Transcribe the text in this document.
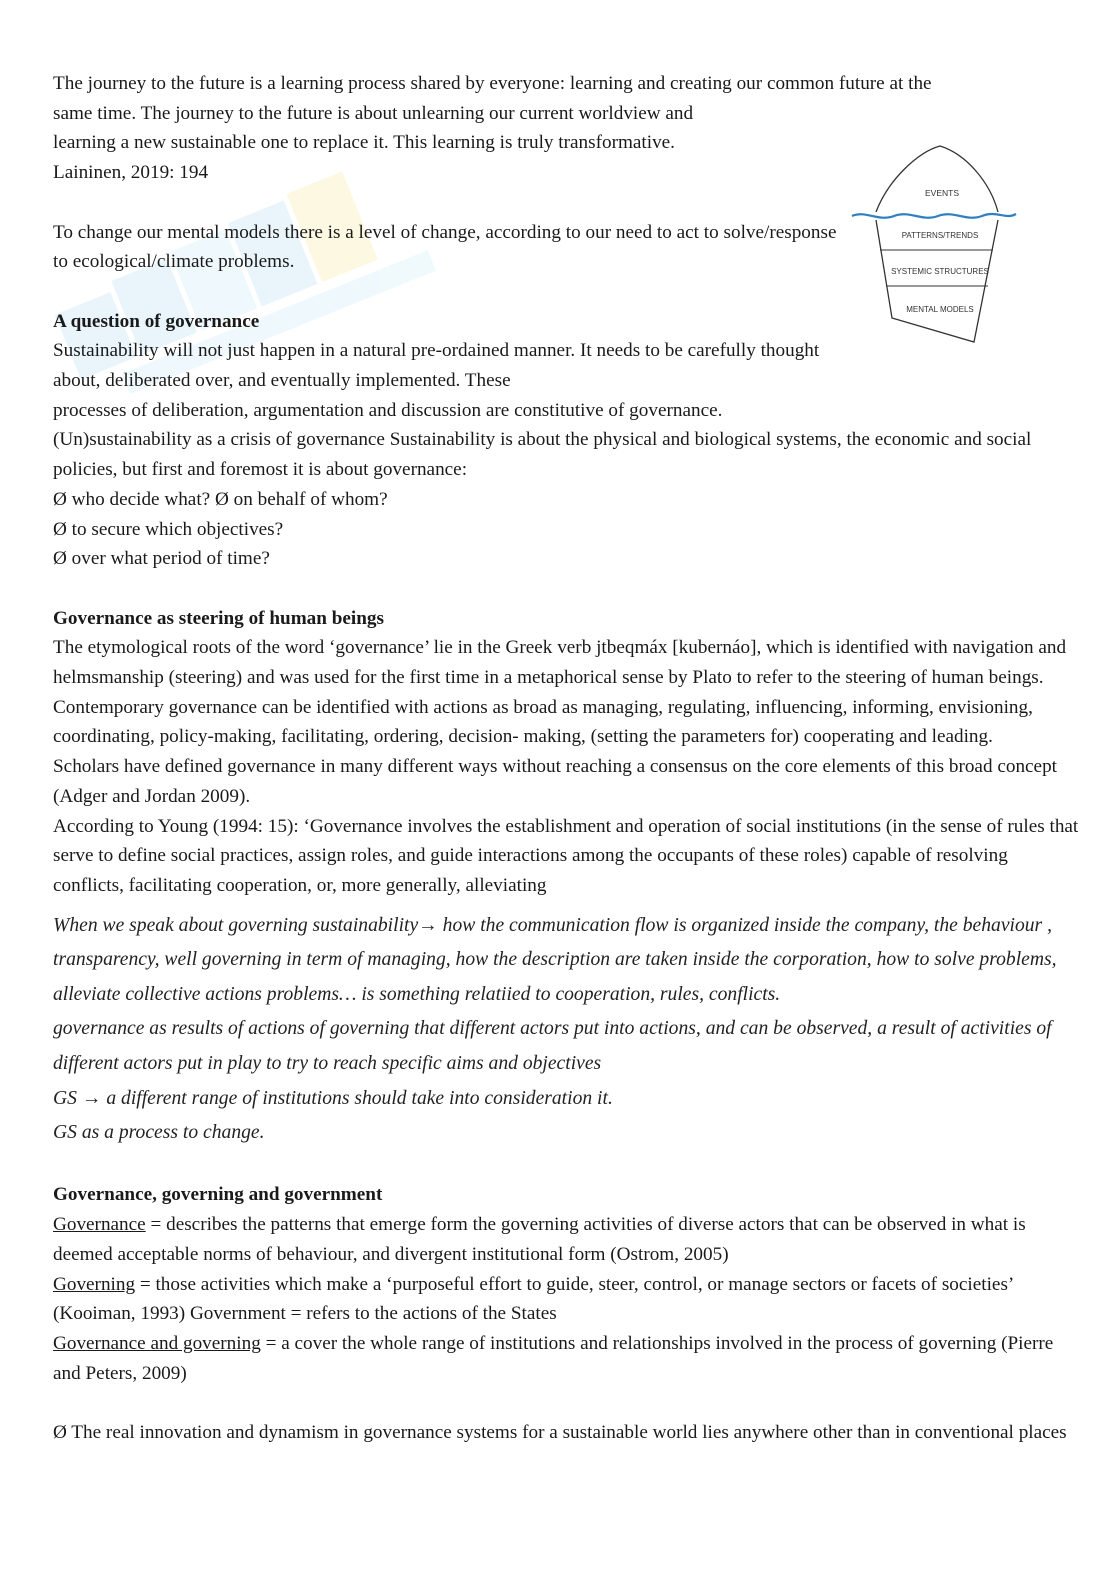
The journey to the future is a learning process shared by everyone: learning and creating our common future at the

same time. The journey to the future is about unlearning our current worldview and

learning a new sustainable one to replace it. This learning is truly transformative.

Laininen, 2019: 194

To change our mental models there is a level of change, according to our need to act to solve/response to ecological/climate problems.

A question of governance

Sustainability will not just happen in a natural pre-ordained manner. It needs to be carefully thought about, deliberated over, and eventually implemented. These

processes of deliberation, argumentation and discussion are constitutive of governance.

(Un)sustainability as a crisis of governance Sustainability is about the physical and biological systems, the economic and social policies, but first and foremost it is about governance:

Ø who decide what? Ø on behalf of whom?

Ø to secure which objectives?

Ø over what period of time?

Governance as steering of human beings

The etymological roots of the word ‘governance’ lie in the Greek verb jtbeqmáx [kubernáo], which is identified with navigation and helmsmanship (steering) and was used for the first time in a metaphorical sense by Plato to refer to the steering of human beings. Contemporary governance can be identified with actions as broad as managing, regulating, influencing, informing, envisioning, coordinating, policy-making, facilitating, ordering, decision- making, (setting the parameters for) cooperating and leading.

Scholars have defined governance in many different ways without reaching a consensus on the core elements of this broad concept (Adger and Jordan 2009).

According to Young (1994: 15): ‘Governance involves the establishment and operation of social institutions (in the sense of rules that serve to define social practices, assign roles, and guide interactions among the occupants of these roles) capable of resolving conflicts, facilitating cooperation, or, more generally, alleviating

When we speak about governing sustainability→ how the communication flow is organized inside the company, the behaviour , transparency, well governing in term of managing, how the description are taken inside the corporation, how to solve problems, alleviate collective actions problems… is something relatiied to cooperation, rules, conflicts.

governance as results of actions of governing that different actors put into actions, and can be observed, a result of activities of different actors put in play to try to reach specific aims and objectives

GS → a different range of institutions should take into consideration it.

GS as a process to change.

Governance, governing and government

Governance = describes the patterns that emerge form the governing activities of diverse actors that can be observed in what is deemed acceptable norms of behaviour, and divergent institutional form (Ostrom, 2005)

Governing = those activities which make a ‘purposeful effort to guide, steer, control, or manage sectors or facets of societies’ (Kooiman, 1993) Government = refers to the actions of the States

Governance and governing = a cover the whole range of institutions and relationships involved in the process of governing (Pierre and Peters, 2009)

Ø The real innovation and dynamism in governance systems for a sustainable world lies anywhere other than in conventional places

EVENTS
PATTERNS/TRENDS
SYSTEMIC STRUCTURES
MENTAL MODELS
